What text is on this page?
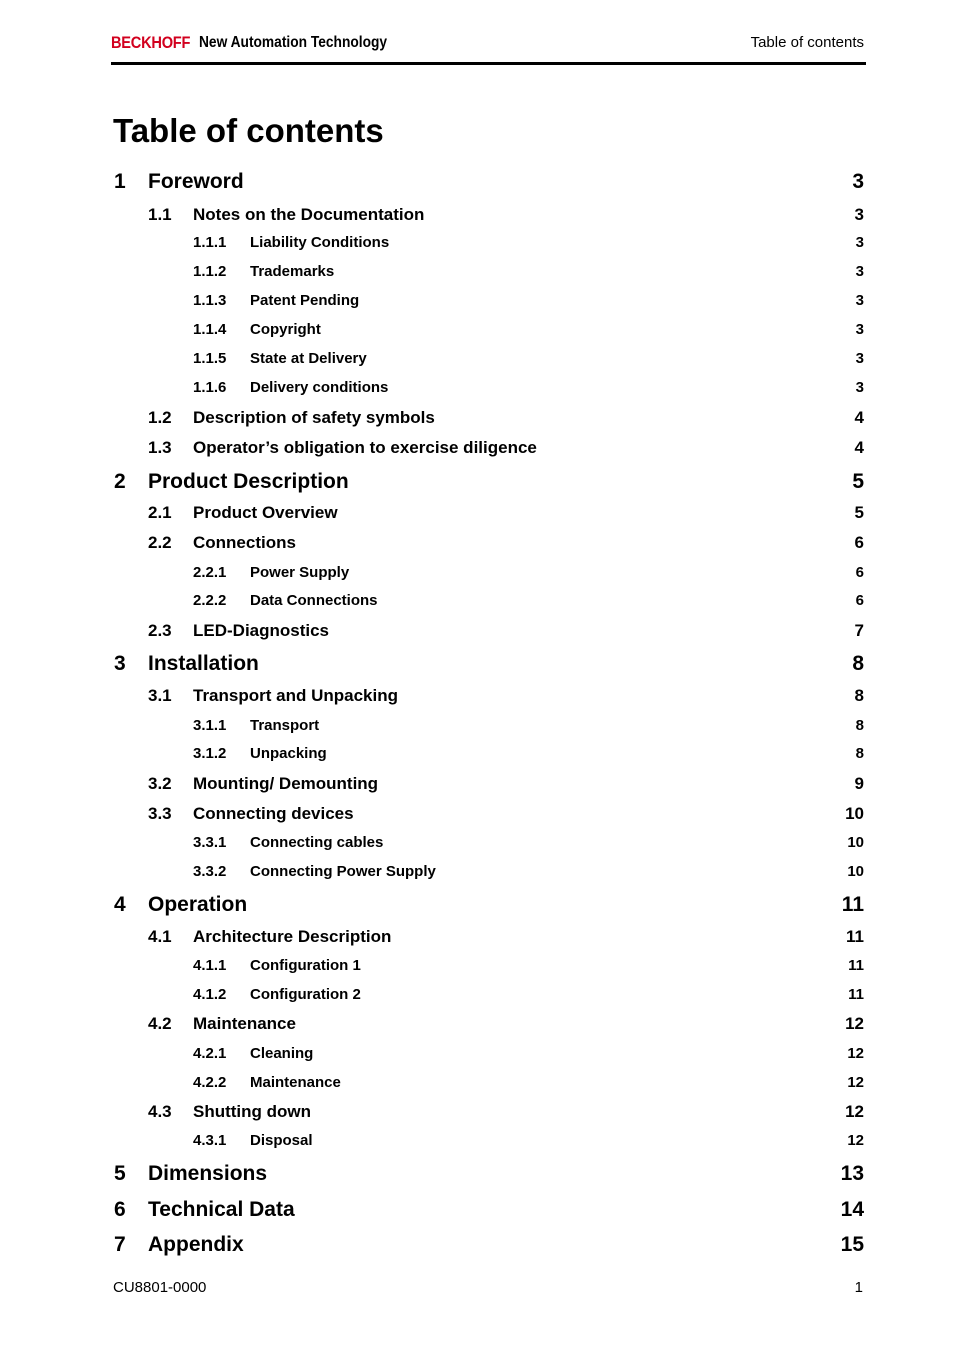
BECKHOFF New Automation Technology	Table of contents
Table of contents
1 Foreword	3
1.1 Notes on the Documentation	3
1.1.1 Liability Conditions	3
1.1.2 Trademarks	3
1.1.3 Patent Pending	3
1.1.4 Copyright	3
1.1.5 State at Delivery	3
1.1.6 Delivery conditions	3
1.2 Description of safety symbols	4
1.3 Operator’s obligation to exercise diligence	4
2 Product Description	5
2.1 Product Overview	5
2.2 Connections	6
2.2.1 Power Supply	6
2.2.2 Data Connections	6
2.3 LED-Diagnostics	7
3 Installation	8
3.1 Transport and Unpacking	8
3.1.1 Transport	8
3.1.2 Unpacking	8
3.2 Mounting/ Demounting	9
3.3 Connecting devices	10
3.3.1 Connecting cables	10
3.3.2 Connecting Power Supply	10
4 Operation	11
4.1 Architecture Description	11
4.1.1 Configuration 1	11
4.1.2 Configuration 2	11
4.2 Maintenance	12
4.2.1 Cleaning	12
4.2.2 Maintenance	12
4.3 Shutting down	12
4.3.1 Disposal	12
5 Dimensions	13
6 Technical Data	14
7 Appendix	15
CU8801-0000	1
